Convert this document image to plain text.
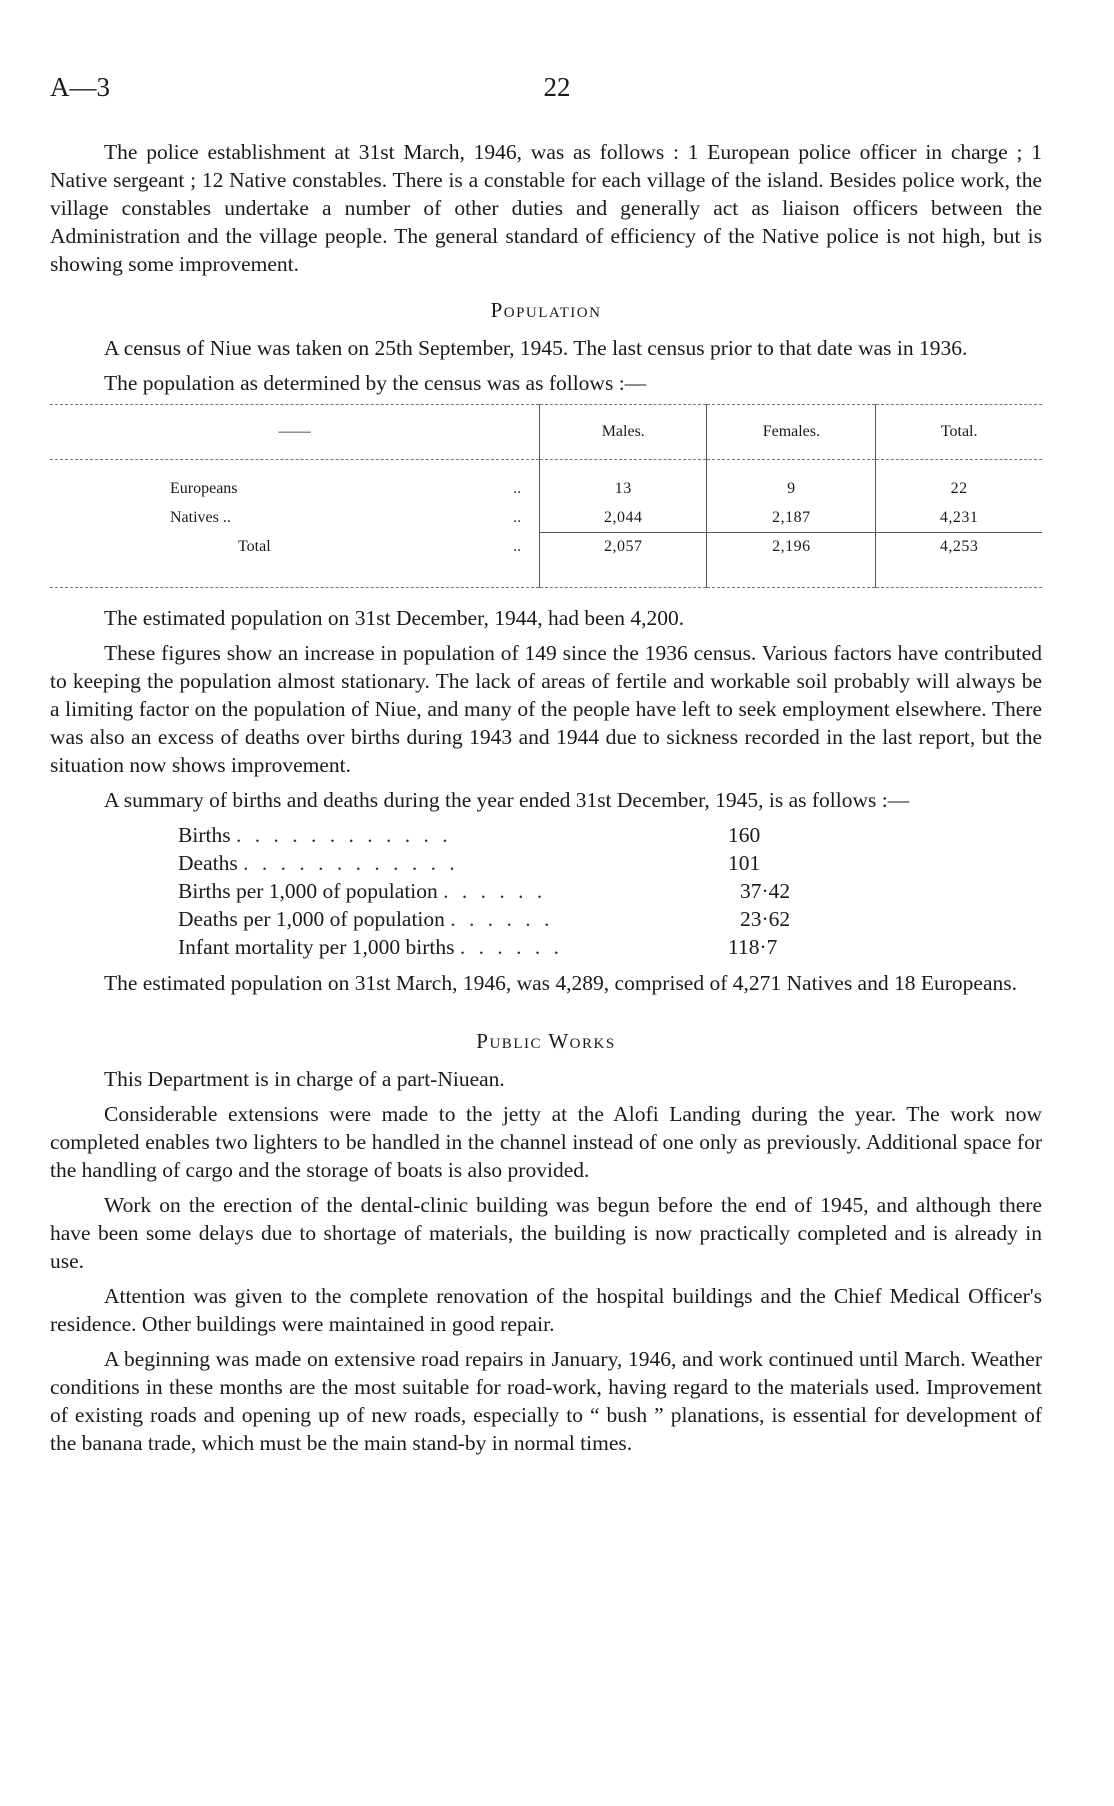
A—3	22

The police establishment at 31st March, 1946, was as follows : 1 European police officer in charge ; 1 Native sergeant ; 12 Native constables. There is a constable for each village of the island. Besides police work, the village constables undertake a number of other duties and generally act as liaison officers between the Administration and the village people. The general standard of efficiency of the Native police is not high, but is showing some improvement.

Population

A census of Niue was taken on 25th September, 1945. The last census prior to that date was in 1936.

The population as determined by the census was as follows :—

——	Males.	Females.	Total.
Europeans ..	13	9	22
Natives .. ..	2,044	2,187	4,231
Total ..	2,057	2,196	4,253

The estimated population on 31st December, 1944, had been 4,200.

These figures show an increase in population of 149 since the 1936 census. Various factors have contributed to keeping the population almost stationary. The lack of areas of fertile and workable soil probably will always be a limiting factor on the population of Niue, and many of the people have left to seek employment elsewhere. There was also an excess of deaths over births during 1943 and 1944 due to sickness recorded in the last report, but the situation now shows improvement.

A summary of births and deaths during the year ended 31st December, 1945, is as follows :—

Births . . . . . . . . . . . .	160
Deaths . . . . . . . . . . . .	101
Births per 1,000 of population . . . . . .	37·42
Deaths per 1,000 of population . . . . . .	23·62
Infant mortality per 1,000 births . . . . . .	118·7

The estimated population on 31st March, 1946, was 4,289, comprised of 4,271 Natives and 18 Europeans.

Public Works

This Department is in charge of a part-Niuean.

Considerable extensions were made to the jetty at the Alofi Landing during the year. The work now completed enables two lighters to be handled in the channel instead of one only as previously. Additional space for the handling of cargo and the storage of boats is also provided.

Work on the erection of the dental-clinic building was begun before the end of 1945, and although there have been some delays due to shortage of materials, the building is now practically completed and is already in use.

Attention was given to the complete renovation of the hospital buildings and the Chief Medical Officer's residence. Other buildings were maintained in good repair.

A beginning was made on extensive road repairs in January, 1946, and work continued until March. Weather conditions in these months are the most suitable for road-work, having regard to the materials used. Improvement of existing roads and opening up of new roads, especially to “ bush ” planations, is essential for development of the banana trade, which must be the main stand-by in normal times.
